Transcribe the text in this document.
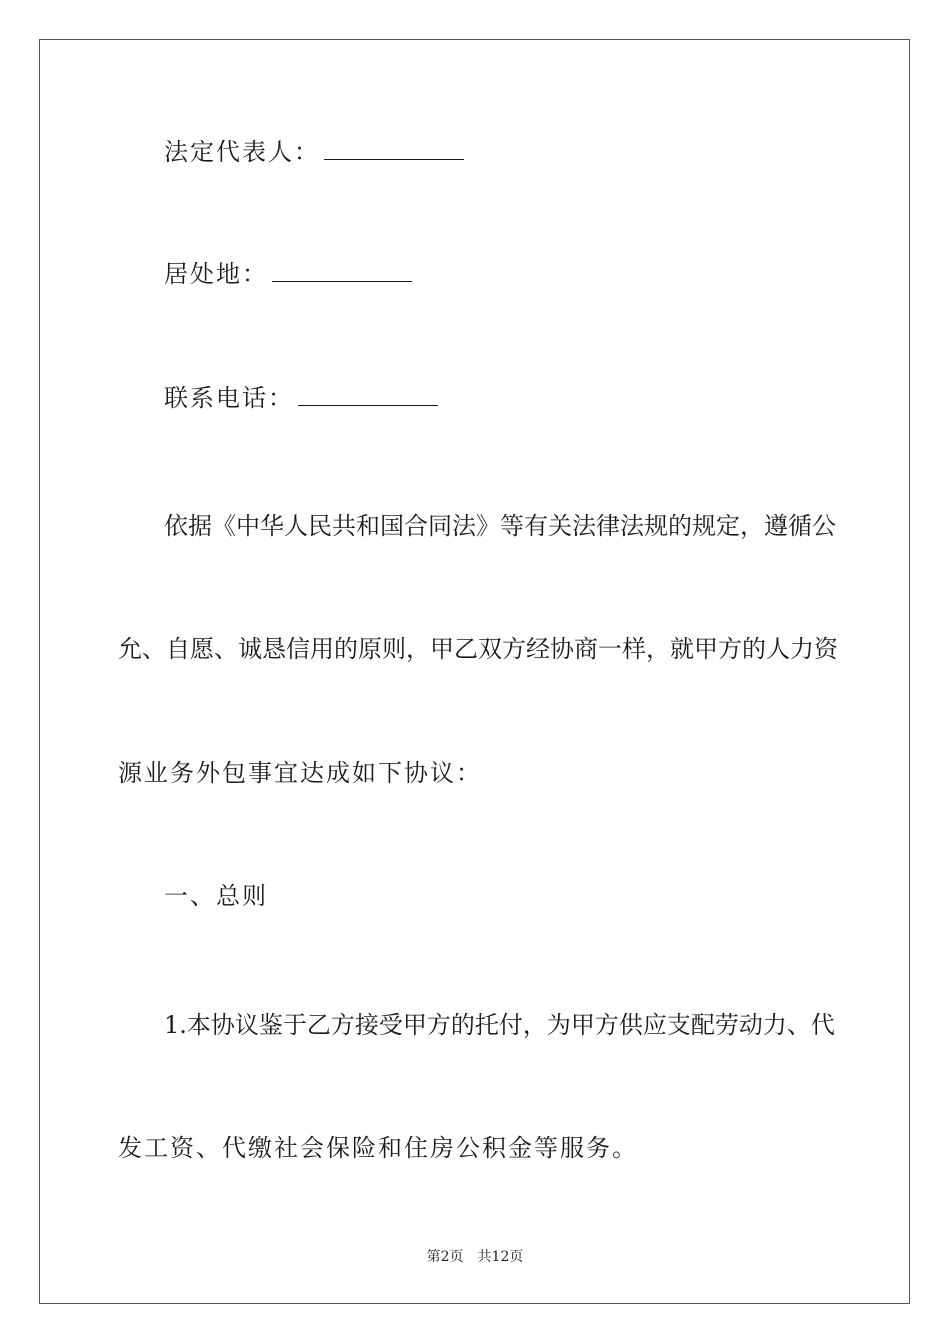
法定代表人：
居处地：
联系电话：
依据《中华人民共和国合同法》等有关法律法规的规定，遵循公
允、自愿、诚恳信用的原则，甲乙双方经协商一样，就甲方的人力资
源业务外包事宜达成如下协议：
一、总则
1.本协议鉴于乙方接受甲方的托付，为甲方供应支配劳动力、代
发工资、代缴社会保险和住房公积金等服务。
第2页 共12页
